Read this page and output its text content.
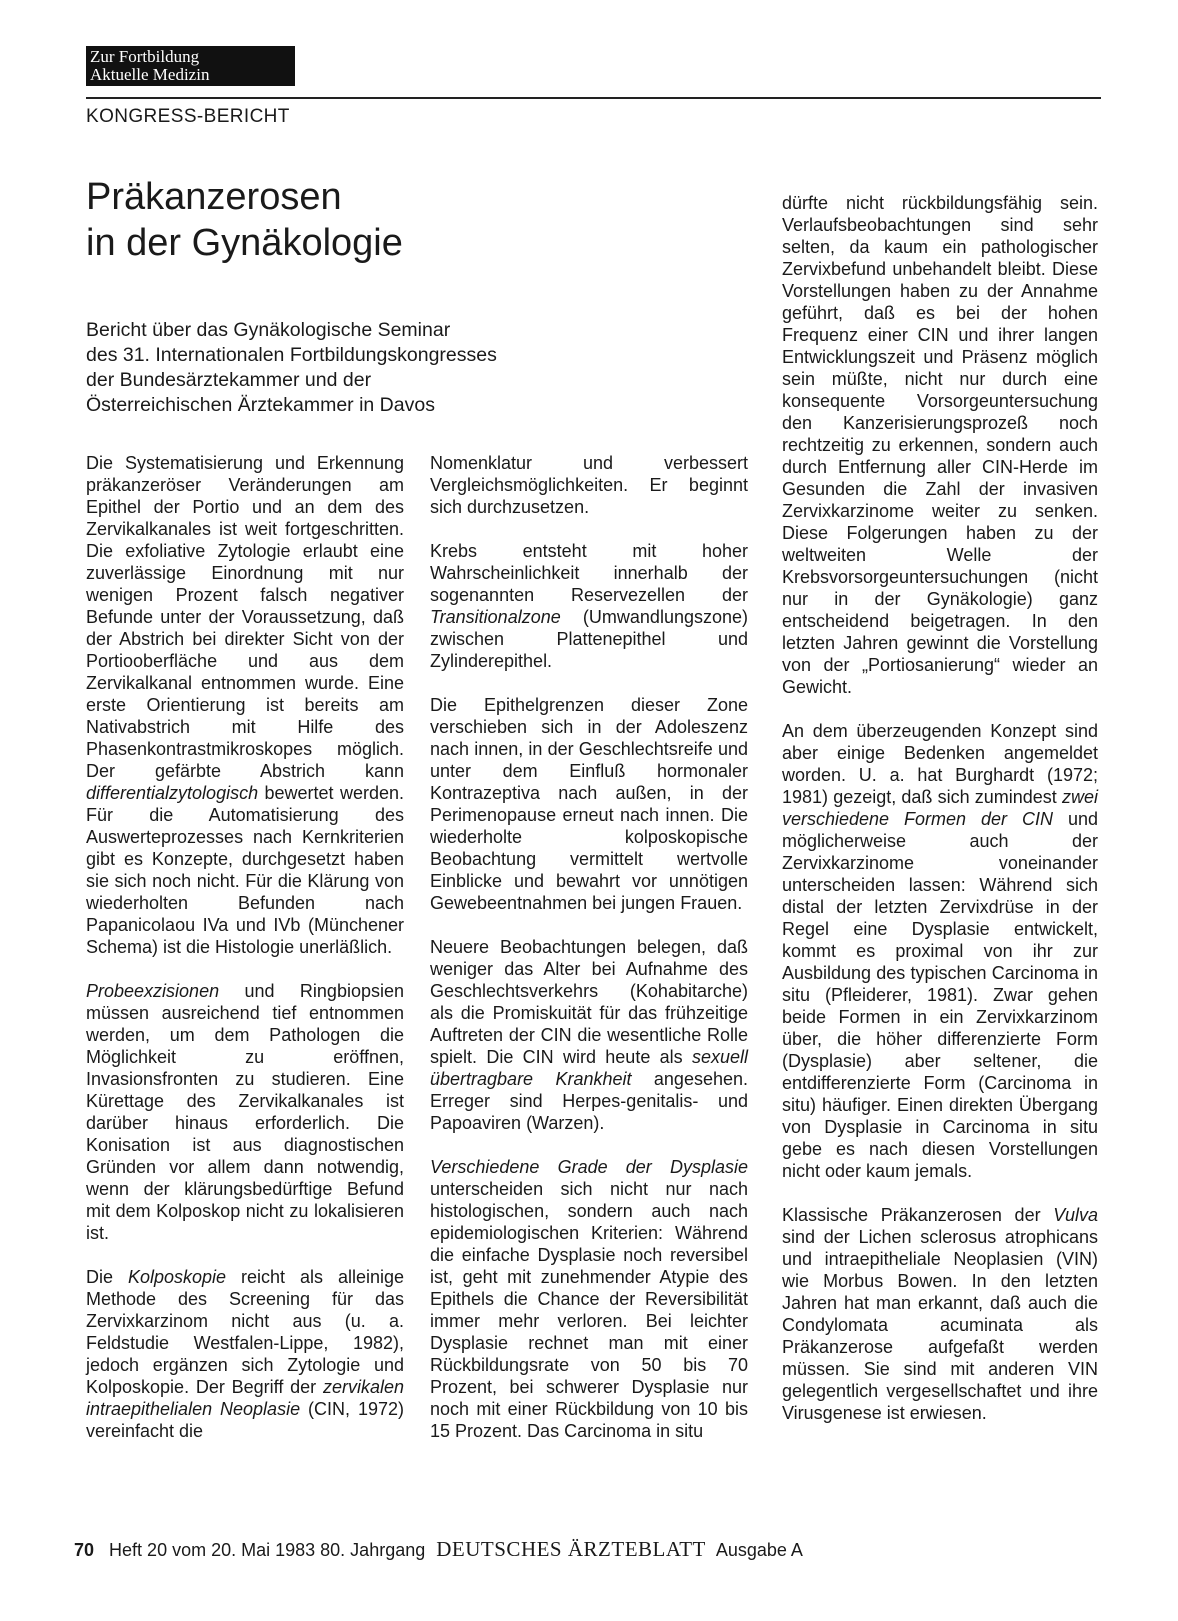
Zur Fortbildung
Aktuelle Medizin
KONGRESS-BERICHT
Präkanzerosen
in der Gynäkologie
Bericht über das Gynäkologische Seminar
des 31. Internationalen Fortbildungskongresses
der Bundesärztekammer und der
Österreichischen Ärztekammer in Davos

Die Systematisierung und Erkennung präkanzeröser Veränderungen am Epithel der Portio und an dem des Zervikalkanales ist weit fortgeschritten. Die exfoliative Zytologie erlaubt eine zuverlässige Einordnung mit nur wenigen Prozent falsch negativer Befunde unter der Voraussetzung, daß der Abstrich bei direkter Sicht von der Portiooberfläche und aus dem Zervikalkanal entnommen wurde. Eine erste Orientierung ist bereits am Nativabstrich mit Hilfe des Phasenkontrastmikroskopes möglich. Der gefärbte Abstrich kann differentialzytologisch bewertet werden. Für die Automatisierung des Auswerteprozesses nach Kernkriterien gibt es Konzepte, durchgesetzt haben sie sich noch nicht. Für die Klärung von wiederholten Befunden nach Papanicolaou IVa und IVb (Münchener Schema) ist die Histologie unerläßlich.

Probeexzisionen und Ringbiopsien müssen ausreichend tief entnommen werden, um dem Pathologen die Möglichkeit zu eröffnen, Invasionsfronten zu studieren. Eine Kürettage des Zervikalkanales ist darüber hinaus erforderlich. Die Konisation ist aus diagnostischen Gründen vor allem dann notwendig, wenn der klärungsbedürftige Befund mit dem Kolposkop nicht zu lokalisieren ist.

Die Kolposkopie reicht als alleinige Methode des Screening für das Zervixkarzinom nicht aus (u. a. Feldstudie Westfalen-Lippe, 1982), jedoch ergänzen sich Zytologie und Kolposkopie. Der Begriff der zervikalen intraepithelialen Neoplasie (CIN, 1972) vereinfacht die

Nomenklatur und verbessert Vergleichsmöglichkeiten. Er beginnt sich durchzusetzen.

Krebs entsteht mit hoher Wahrscheinlichkeit innerhalb der sogenannten Reservezellen der Transitionalzone (Umwandlungszone) zwischen Plattenepithel und Zylinderepithel.

Die Epithelgrenzen dieser Zone verschieben sich in der Adoleszenz nach innen, in der Geschlechtsreife und unter dem Einfluß hormonaler Kontrazeptiva nach außen, in der Perimenopause erneut nach innen. Die wiederholte kolposkopische Beobachtung vermittelt wertvolle Einblicke und bewahrt vor unnötigen Gewebeentnahmen bei jungen Frauen.

Neuere Beobachtungen belegen, daß weniger das Alter bei Aufnahme des Geschlechtsverkehrs (Kohabitarche) als die Promiskuität für das frühzeitige Auftreten der CIN die wesentliche Rolle spielt. Die CIN wird heute als sexuell übertragbare Krankheit angesehen. Erreger sind Herpes-genitalis- und Papoaviren (Warzen).

Verschiedene Grade der Dysplasie unterscheiden sich nicht nur nach histologischen, sondern auch nach epidemiologischen Kriterien: Während die einfache Dysplasie noch reversibel ist, geht mit zunehmender Atypie des Epithels die Chance der Reversibilität immer mehr verloren. Bei leichter Dysplasie rechnet man mit einer Rückbildungsrate von 50 bis 70 Prozent, bei schwerer Dysplasie nur noch mit einer Rückbildung von 10 bis 15 Prozent. Das Carcinoma in situ

dürfte nicht rückbildungsfähig sein. Verlaufsbeobachtungen sind sehr selten, da kaum ein pathologischer Zervixbefund unbehandelt bleibt. Diese Vorstellungen haben zu der Annahme geführt, daß es bei der hohen Frequenz einer CIN und ihrer langen Entwicklungszeit und Präsenz möglich sein müßte, nicht nur durch eine konsequente Vorsorgeuntersuchung den Kanzerisierungsprozeß noch rechtzeitig zu erkennen, sondern auch durch Entfernung aller CIN-Herde im Gesunden die Zahl der invasiven Zervixkarzinome weiter zu senken. Diese Folgerungen haben zu der weltweiten Welle der Krebsvorsorgeuntersuchungen (nicht nur in der Gynäkologie) ganz entscheidend beigetragen. In den letzten Jahren gewinnt die Vorstellung von der „Portiosanierung“ wieder an Gewicht.

An dem überzeugenden Konzept sind aber einige Bedenken angemeldet worden. U. a. hat Burghardt (1972; 1981) gezeigt, daß sich zumindest zwei verschiedene Formen der CIN und möglicherweise auch der Zervixkarzinome voneinander unterscheiden lassen: Während sich distal der letzten Zervixdrüse in der Regel eine Dysplasie entwickelt, kommt es proximal von ihr zur Ausbildung des typischen Carcinoma in situ (Pfleiderer, 1981). Zwar gehen beide Formen in ein Zervixkarzinom über, die höher differenzierte Form (Dysplasie) aber seltener, die entdifferenzierte Form (Carcinoma in situ) häufiger. Einen direkten Übergang von Dysplasie in Carcinoma in situ gebe es nach diesen Vorstellungen nicht oder kaum jemals.

Klassische Präkanzerosen der Vulva sind der Lichen sclerosus atrophicans und intraepitheliale Neoplasien (VIN) wie Morbus Bowen. In den letzten Jahren hat man erkannt, daß auch die Condylomata acuminata als Präkanzerose aufgefaßt werden müssen. Sie sind mit anderen VIN gelegentlich vergesellschaftet und ihre Virusgenese ist erwiesen.

70 Heft 20 vom 20. Mai 1983 80. Jahrgang DEUTSCHES ÄRZTEBLATT Ausgabe A
